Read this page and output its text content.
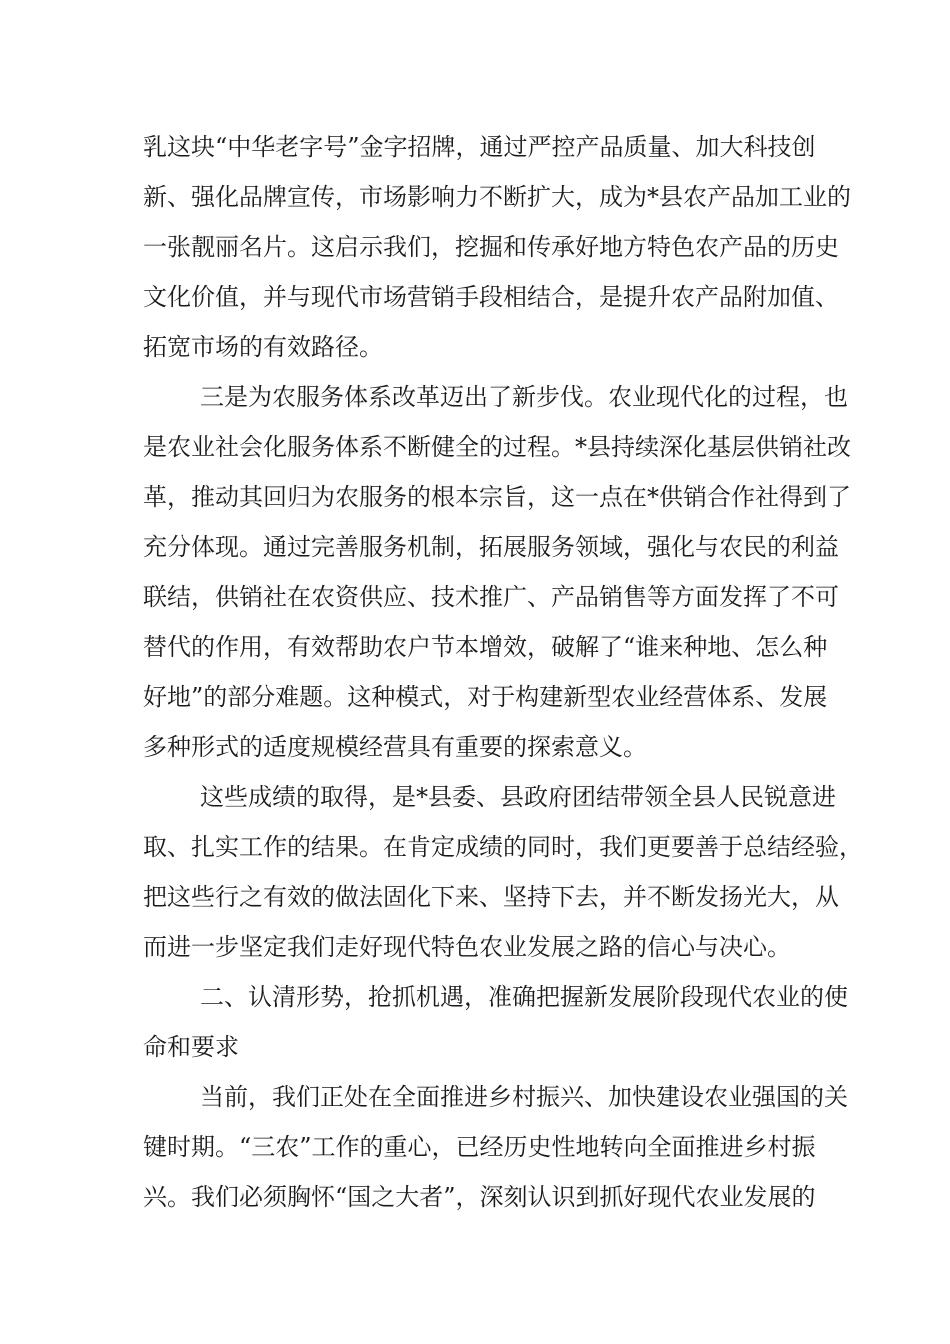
乳这块“中华老字号”金字招牌，通过严控产品质量、加大科技创
新、强化品牌宣传，市场影响力不断扩大，成为*县农产品加工业的
一张靓丽名片。这启示我们，挖掘和传承好地方特色农产品的历史
文化价值，并与现代市场营销手段相结合，是提升农产品附加值、
拓宽市场的有效路径。
三是为农服务体系改革迈出了新步伐。农业现代化的过程，也
是农业社会化服务体系不断健全的过程。*县持续深化基层供销社改
革，推动其回归为农服务的根本宗旨，这一点在*供销合作社得到了
充分体现。通过完善服务机制，拓展服务领域，强化与农民的利益
联结，供销社在农资供应、技术推广、产品销售等方面发挥了不可
替代的作用，有效帮助农户节本增效，破解了“谁来种地、怎么种
好地”的部分难题。这种模式，对于构建新型农业经营体系、发展
多种形式的适度规模经营具有重要的探索意义。
这些成绩的取得，是*县委、县政府团结带领全县人民锐意进
取、扎实工作的结果。在肯定成绩的同时，我们更要善于总结经验，
把这些行之有效的做法固化下来、坚持下去，并不断发扬光大，从
而进一步坚定我们走好现代特色农业发展之路的信心与决心。
二、认清形势，抢抓机遇，准确把握新发展阶段现代农业的使
命和要求
当前，我们正处在全面推进乡村振兴、加快建设农业强国的关
键时期。“三农”工作的重心，已经历史性地转向全面推进乡村振
兴。我们必须胸怀“国之大者”，深刻认识到抓好现代农业发展的
